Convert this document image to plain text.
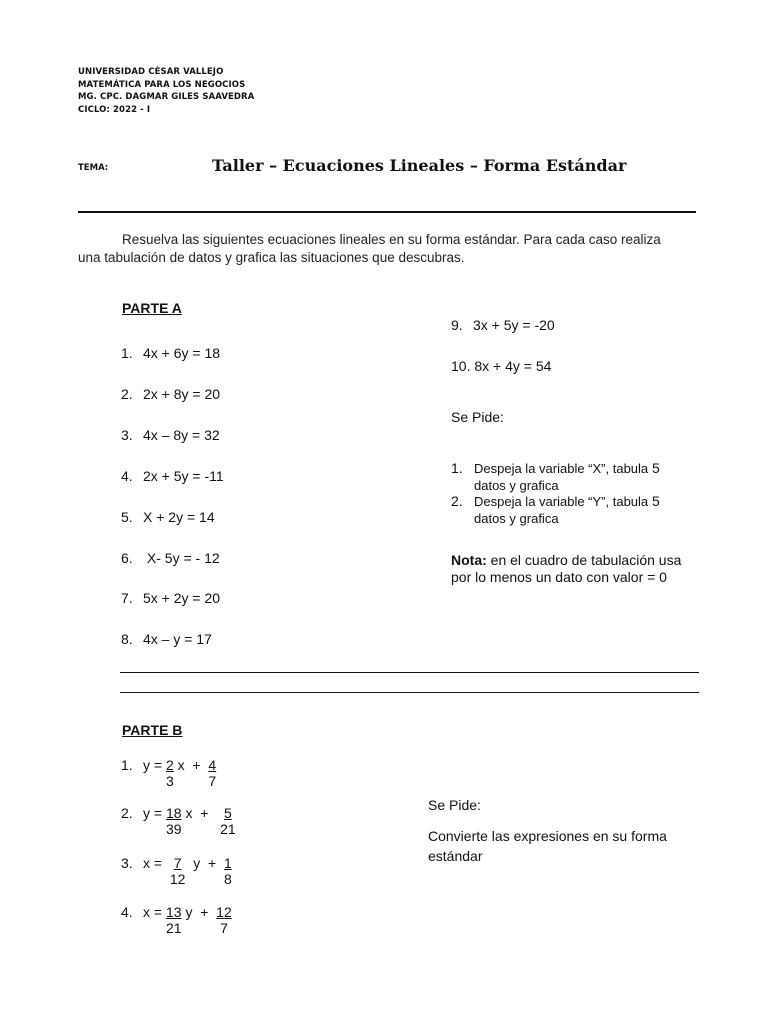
UNIVERSIDAD CÉSAR VALLEJO
MATEMÁTICA PARA LOS NEGOCIOS
MG. CPC. DAGMAR GILES SAAVEDRA
CICLO: 2022 - I
TEMA:	Taller – Ecuaciones Lineales – Forma Estándar
Resuelva las siguientes ecuaciones lineales en su forma estándar. Para cada caso realiza
una tabulación de datos y grafica las situaciones que descubras.
PARTE A
1. 4x + 6y = 18
2. 2x + 8y = 20
3. 4x – 8y = 32
4. 2x + 5y = -11
5. X + 2y = 14
6. X- 5y = - 12
7. 5x + 2y = 20
8. 4x – y = 17
9. 3x + 5y = -20
10. 8x + 4y = 54
Se Pide:
1. Despeja la variable “X”, tabula 5
datos y grafica
2. Despeja la variable “Y”, tabula 5
datos y grafica
Nota: en el cuadro de tabulación usa
por lo menos un dato con valor = 0
PARTE B
1. $y = \frac{2}{3}$
$x + \frac{4}{7}$
2. $y = \frac{18}{39}$
$x + \frac{5}{21}$
3. $x = \frac{7}{12}$
$y + \frac{1}{8}$
4. $x = \frac{13}{21}$
$y + \frac{12}{7}$
Se Pide:
Convierte las expresiones en su forma
estándar
